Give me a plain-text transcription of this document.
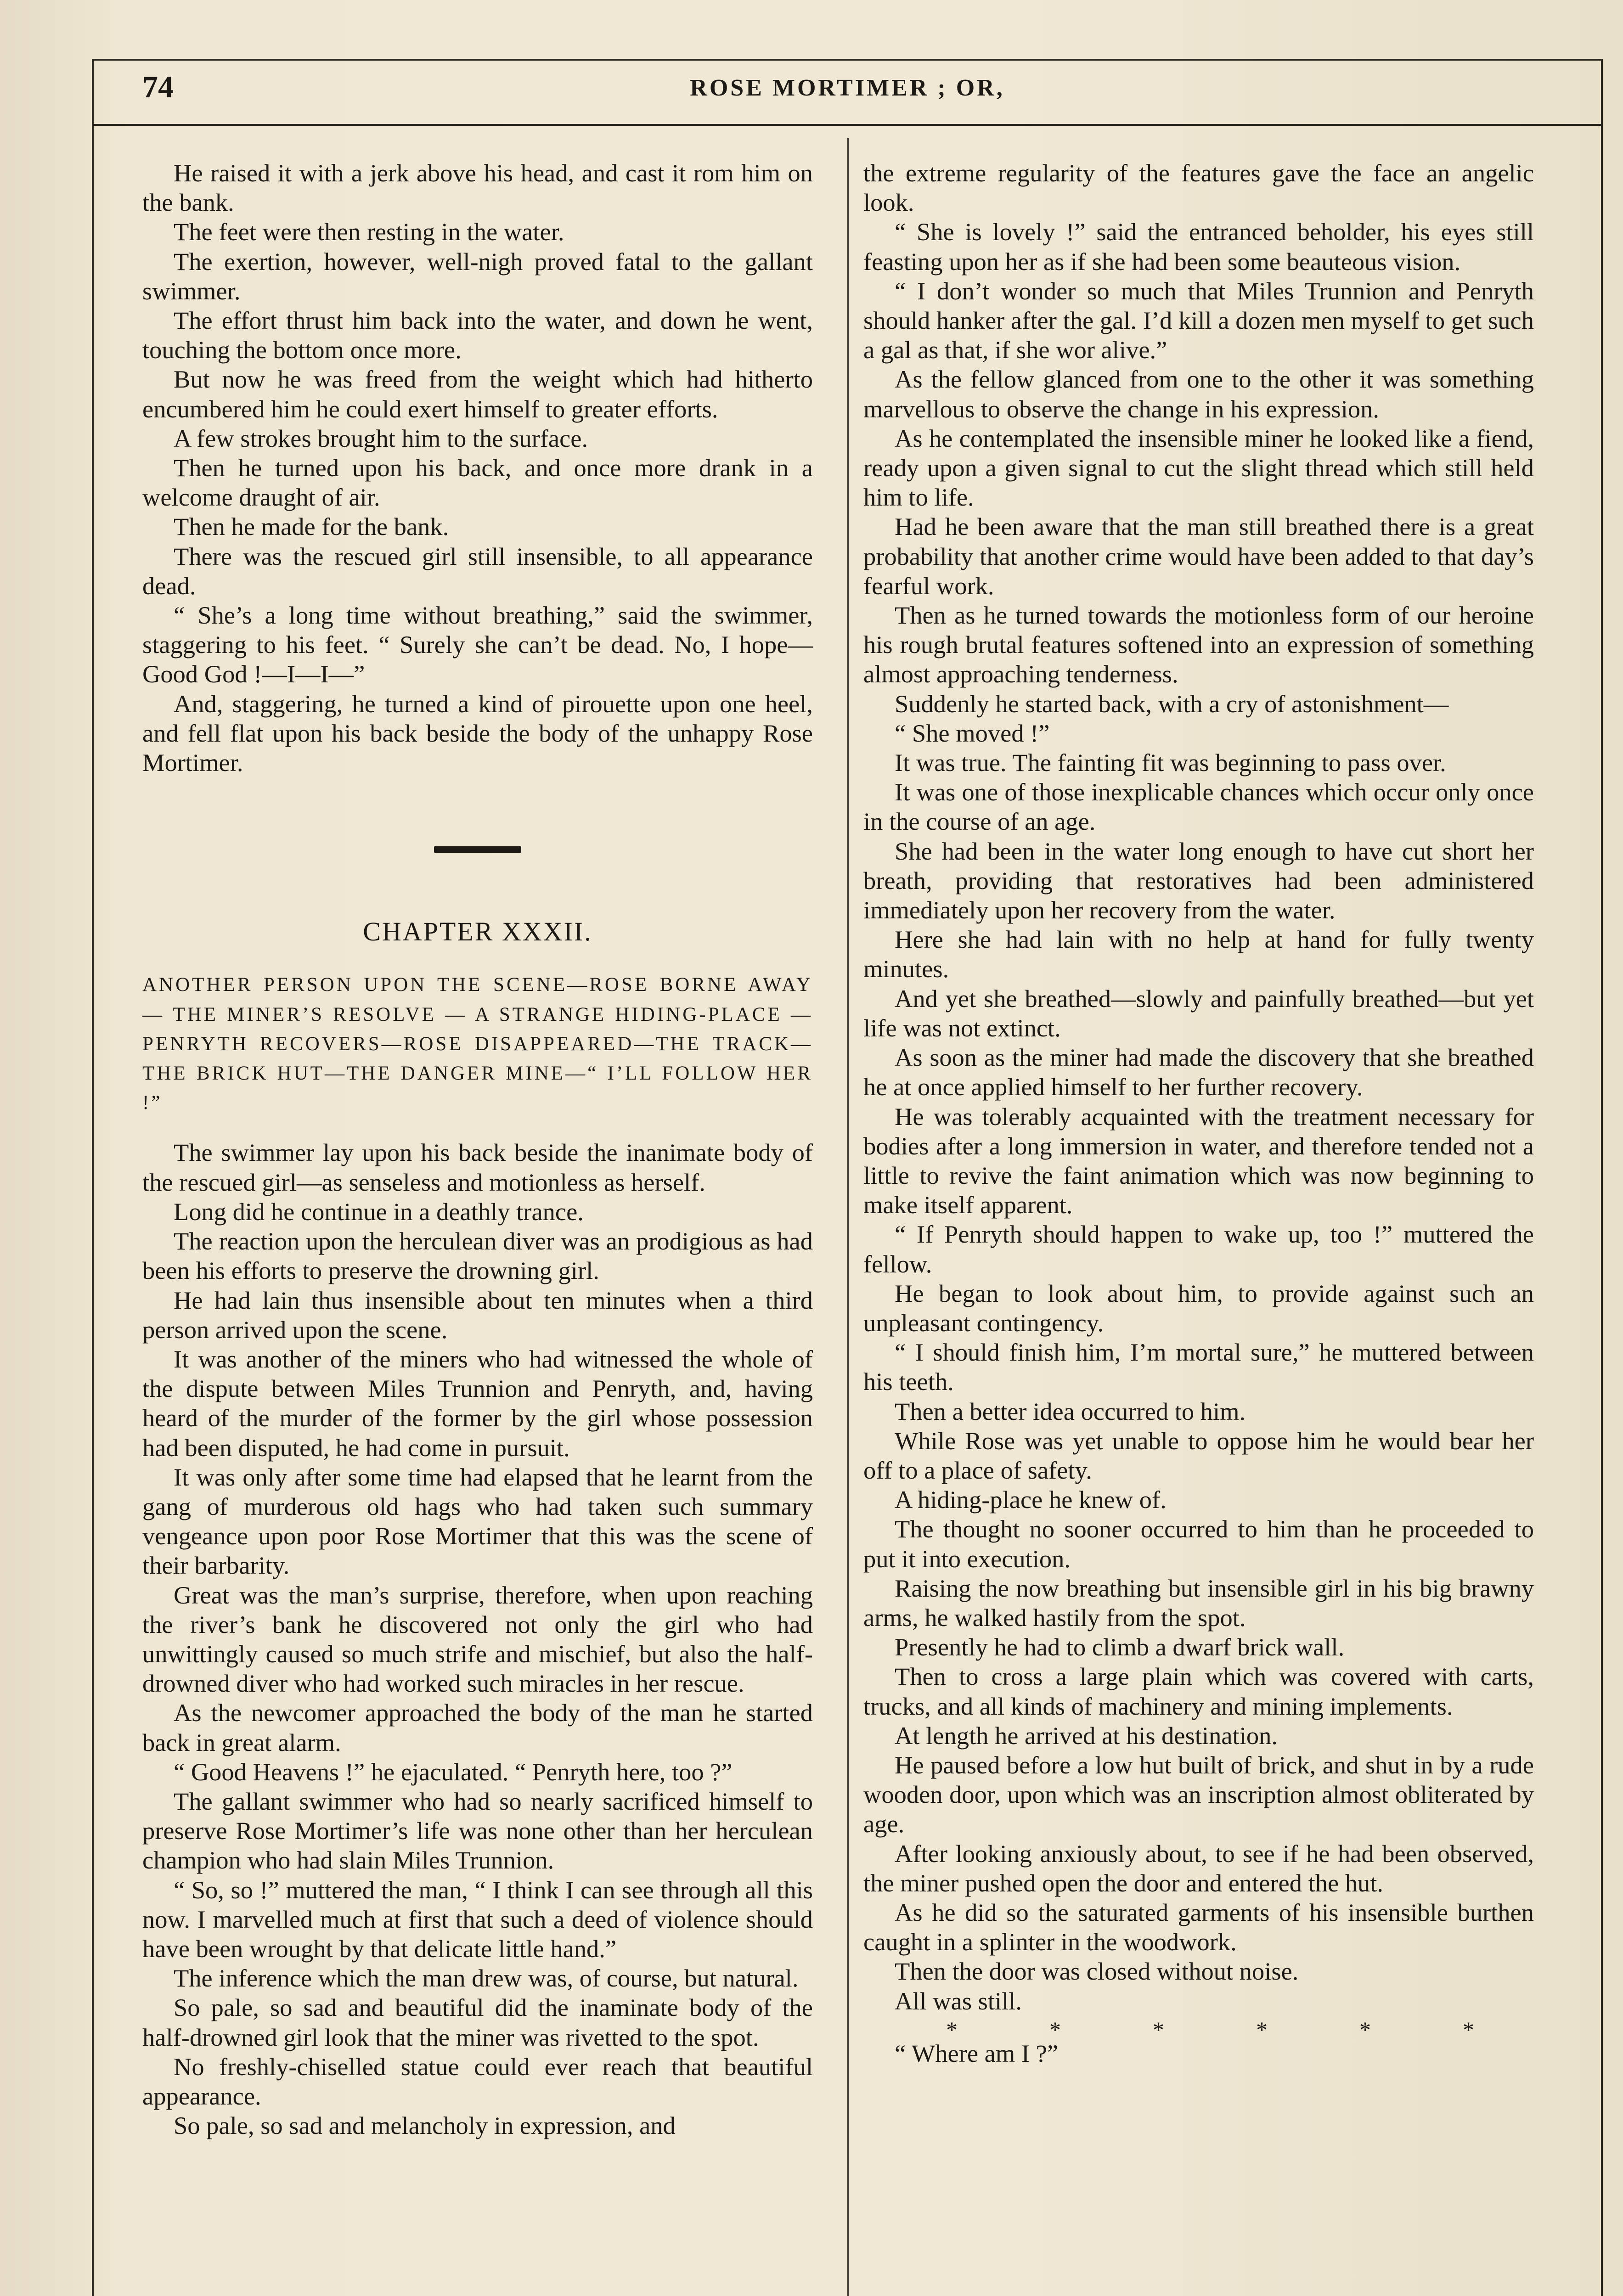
74	ROSE MORTIMER ; OR,

He raised it with a jerk above his head, and cast it rom him on the bank.

The feet were then resting in the water.

The exertion, however, well-nigh proved fatal to the gallant swimmer.

The effort thrust him back into the water, and down he went, touching the bottom once more.

But now he was freed from the weight which had hitherto encumbered him he could exert himself to greater efforts.

A few strokes brought him to the surface.

Then he turned upon his back, and once more drank in a welcome draught of air.

Then he made for the bank.

There was the rescued girl still insensible, to all appearance dead.

“ She’s a long time without breathing,” said the swimmer, staggering to his feet. “ Surely she can’t be dead. No, I hope—Good God !—I—I—”

And, staggering, he turned a kind of pirouette upon one heel, and fell flat upon his back beside the body of the unhappy Rose Mortimer.

CHAPTER XXXII.
ANOTHER PERSON UPON THE SCENE—ROSE BORNE AWAY — THE MINER’S RESOLVE — A STRANGE HIDING-PLACE — PENRYTH RECOVERS—ROSE DISAPPEARED—THE TRACK—THE BRICK HUT—THE DANGER MINE—“ I’LL FOLLOW HER !”

The swimmer lay upon his back beside the inanimate body of the rescued girl—as senseless and motionless as herself.

Long did he continue in a deathly trance.

The reaction upon the herculean diver was an prodigious as had been his efforts to preserve the drowning girl.

He had lain thus insensible about ten minutes when a third person arrived upon the scene.

It was another of the miners who had witnessed the whole of the dispute between Miles Trunnion and Penryth, and, having heard of the murder of the former by the girl whose possession had been disputed, he had come in pursuit.

It was only after some time had elapsed that he learnt from the gang of murderous old hags who had taken such summary vengeance upon poor Rose Mortimer that this was the scene of their barbarity.

Great was the man’s surprise, therefore, when upon reaching the river’s bank he discovered not only the girl who had unwittingly caused so much strife and mischief, but also the half-drowned diver who had worked such miracles in her rescue.

As the newcomer approached the body of the man he started back in great alarm.

“ Good Heavens !” he ejaculated. “ Penryth here, too ?”

The gallant swimmer who had so nearly sacrificed himself to preserve Rose Mortimer’s life was none other than her herculean champion who had slain Miles Trunnion.

“ So, so !” muttered the man, “ I think I can see through all this now. I marvelled much at first that such a deed of violence should have been wrought by that delicate little hand.”

The inference which the man drew was, of course, but natural.

So pale, so sad and beautiful did the inaminate body of the half-drowned girl look that the miner was rivetted to the spot.

No freshly-chiselled statue could ever reach that beautiful appearance.

So pale, so sad and melancholy in expression, and

the extreme regularity of the features gave the face an angelic look.

“ She is lovely !” said the entranced beholder, his eyes still feasting upon her as if she had been some beauteous vision.

“ I don’t wonder so much that Miles Trunnion and Penryth should hanker after the gal. I’d kill a dozen men myself to get such a gal as that, if she wor alive.”

As the fellow glanced from one to the other it was something marvellous to observe the change in his expression.

As he contemplated the insensible miner he looked like a fiend, ready upon a given signal to cut the slight thread which still held him to life.

Had he been aware that the man still breathed there is a great probability that another crime would have been added to that day’s fearful work.

Then as he turned towards the motionless form of our heroine his rough brutal features softened into an expression of something almost approaching tenderness.

Suddenly he started back, with a cry of astonishment—

“ She moved !”

It was true. The fainting fit was beginning to pass over.

It was one of those inexplicable chances which occur only once in the course of an age.

She had been in the water long enough to have cut short her breath, providing that restoratives had been administered immediately upon her recovery from the water.

Here she had lain with no help at hand for fully twenty minutes.

And yet she breathed—slowly and painfully breathed—but yet life was not extinct.

As soon as the miner had made the discovery that she breathed he at once applied himself to her further recovery.

He was tolerably acquainted with the treatment necessary for bodies after a long immersion in water, and therefore tended not a little to revive the faint animation which was now beginning to make itself apparent.

“ If Penryth should happen to wake up, too !” muttered the fellow.

He began to look about him, to provide against such an unpleasant contingency.

“ I should finish him, I’m mortal sure,” he muttered between his teeth.

Then a better idea occurred to him.

While Rose was yet unable to oppose him he would bear her off to a place of safety.

A hiding-place he knew of.

The thought no sooner occurred to him than he proceeded to put it into execution.

Raising the now breathing but insensible girl in his big brawny arms, he walked hastily from the spot.

Presently he had to climb a dwarf brick wall.

Then to cross a large plain which was covered with carts, trucks, and all kinds of machinery and mining implements.

At length he arrived at his destination.

He paused before a low hut built of brick, and shut in by a rude wooden door, upon which was an inscription almost obliterated by age.

After looking anxiously about, to see if he had been observed, the miner pushed open the door and entered the hut.

As he did so the saturated garments of his insensible burthen caught in a splinter in the woodwork.

Then the door was closed without noise.

All was still.

*	*	*	*	*	*

“ Where am I ?”
